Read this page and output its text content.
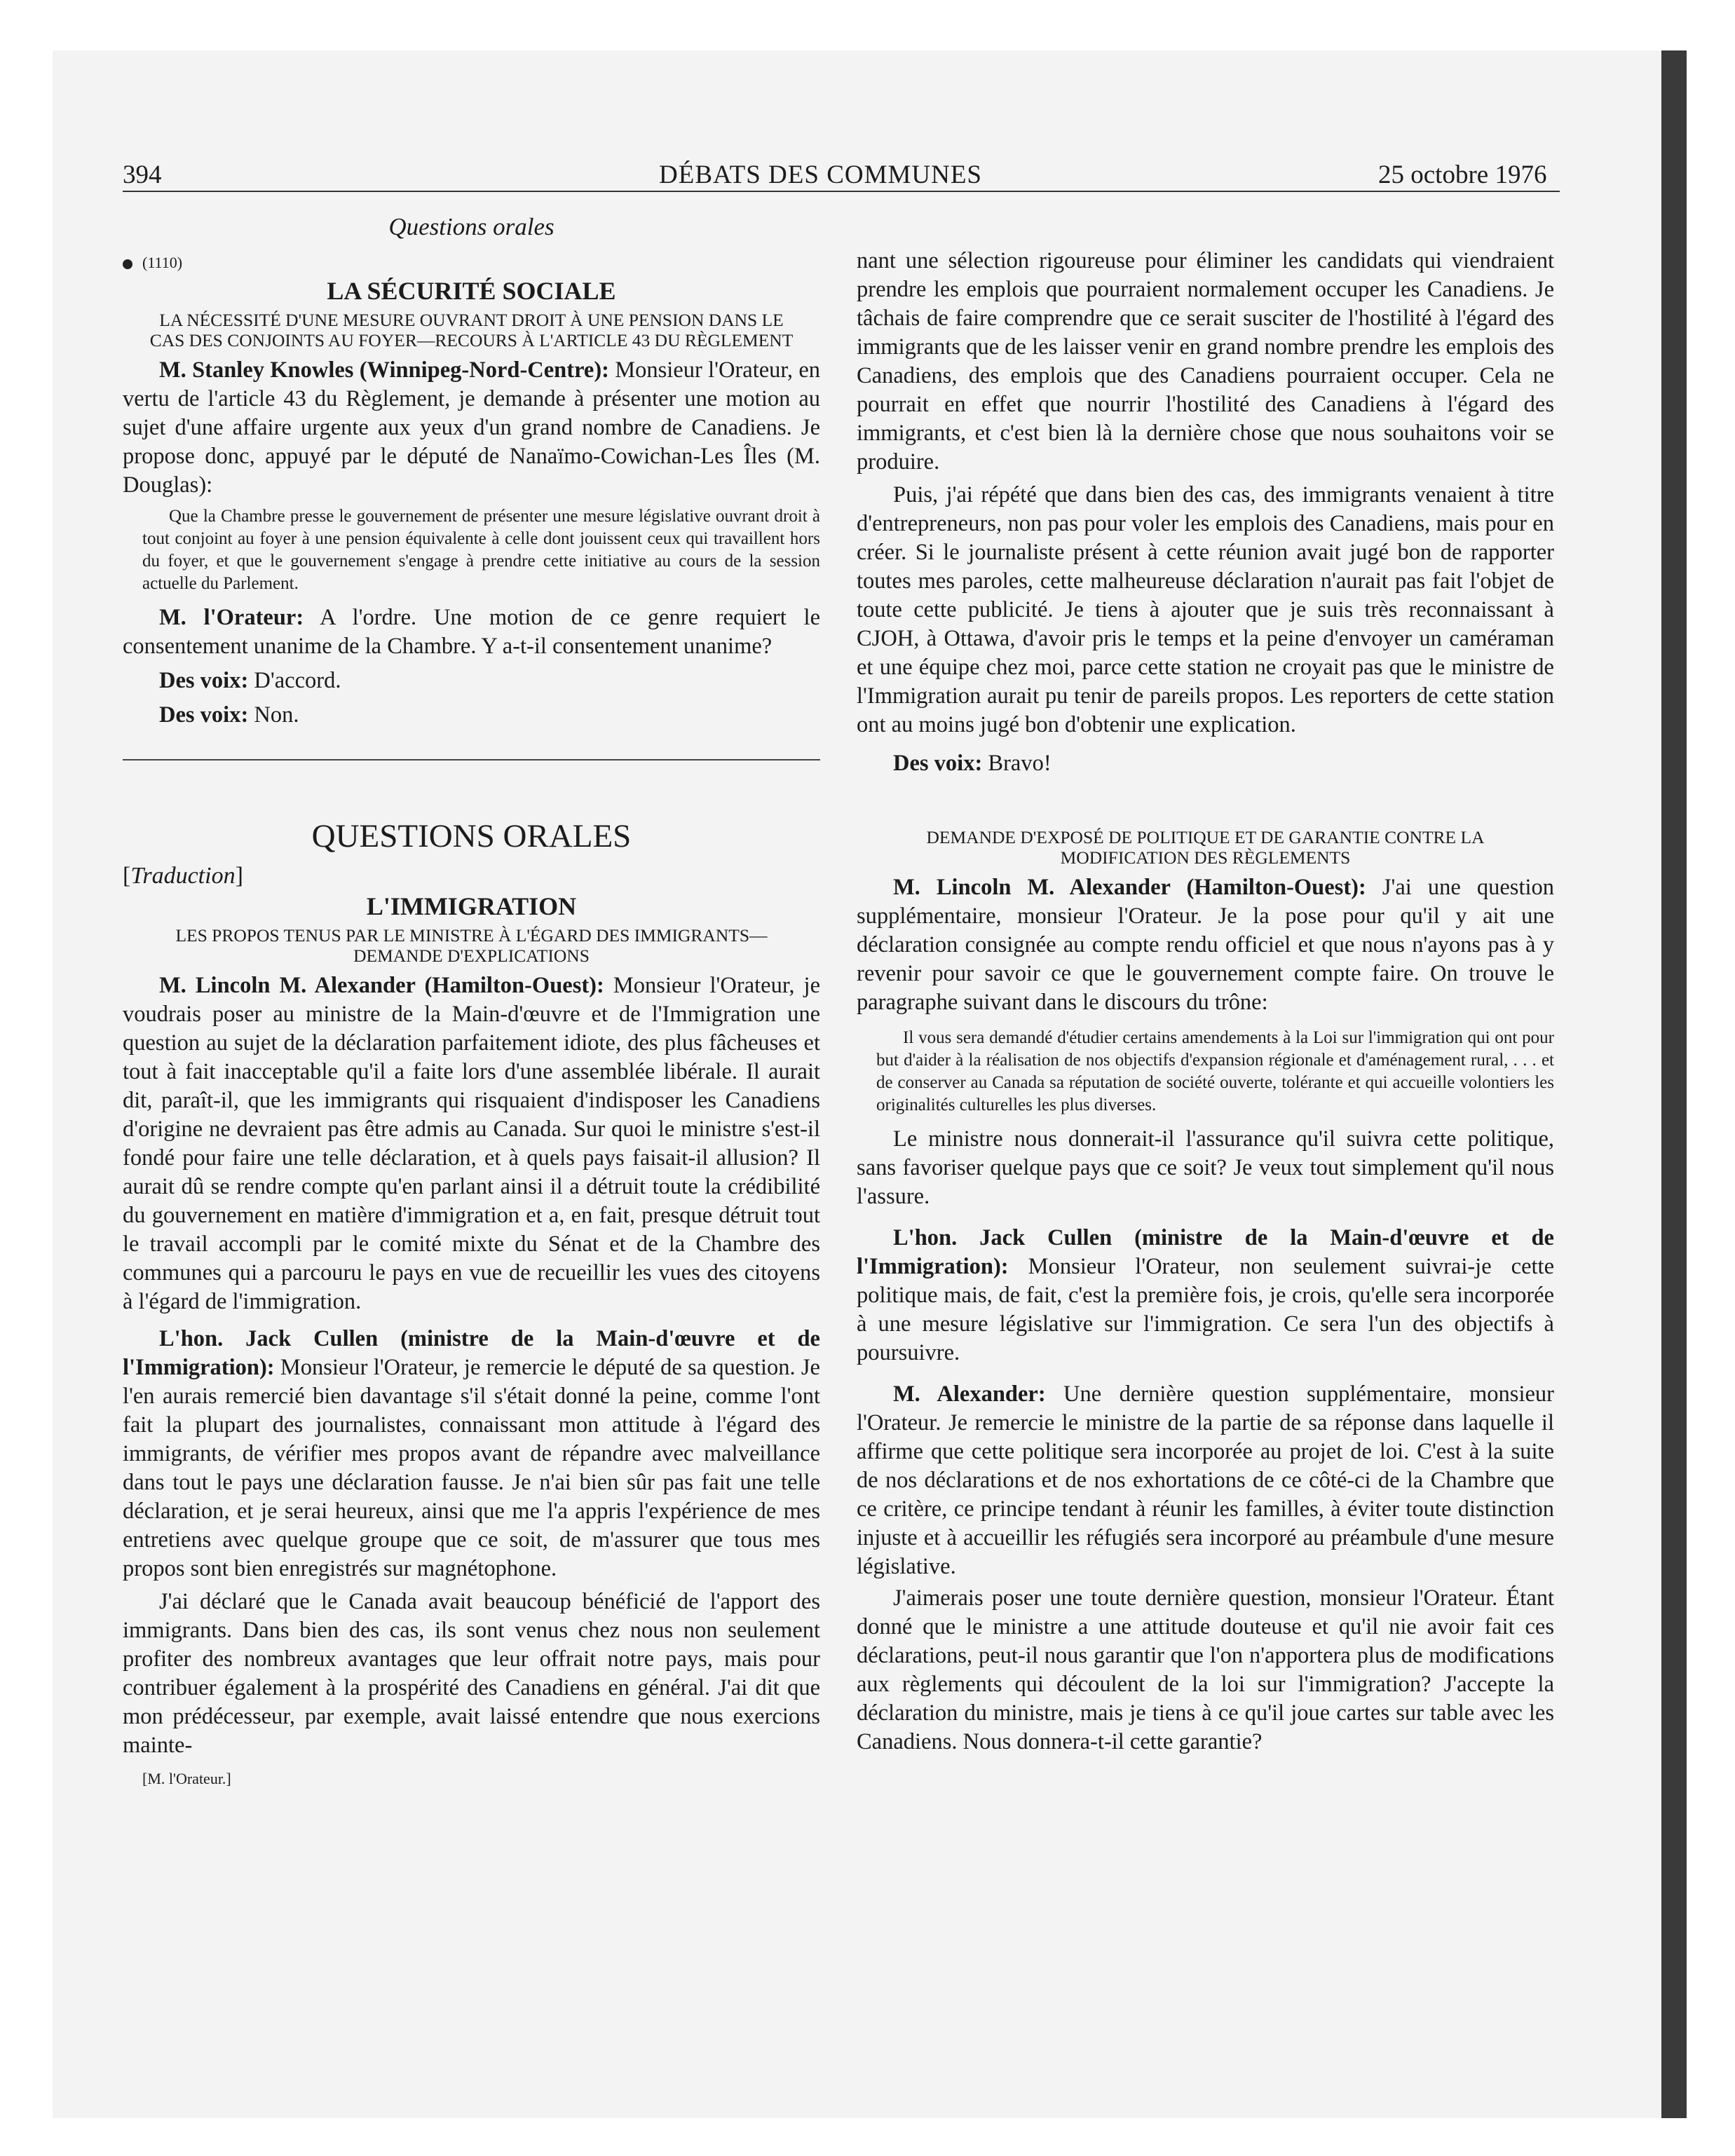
394	DÉBATS DES COMMUNES	25 octobre 1976

Questions orales

(1110)

LA SÉCURITÉ SOCIALE

LA NÉCESSITÉ D'UNE MESURE OUVRANT DROIT À UNE PENSION DANS LE CAS DES CONJOINTS AU FOYER—RECOURS À L'ARTICLE 43 DU RÈGLEMENT

M. Stanley Knowles (Winnipeg-Nord-Centre): Monsieur l'Orateur, en vertu de l'article 43 du Règlement, je demande à présenter une motion au sujet d'une affaire urgente aux yeux d'un grand nombre de Canadiens. Je propose donc, appuyé par le député de Nanaïmo-Cowichan-Les Îles (M. Douglas):

Que la Chambre presse le gouvernement de présenter une mesure législative ouvrant droit à tout conjoint au foyer à une pension équivalente à celle dont jouissent ceux qui travaillent hors du foyer, et que le gouvernement s'engage à prendre cette initiative au cours de la session actuelle du Parlement.

M. l'Orateur: A l'ordre. Une motion de ce genre requiert le consentement unanime de la Chambre. Y a-t-il consentement unanime?

Des voix: D'accord.

Des voix: Non.

QUESTIONS ORALES

[Traduction]

L'IMMIGRATION

LES PROPOS TENUS PAR LE MINISTRE À L'ÉGARD DES IMMIGRANTS—DEMANDE D'EXPLICATIONS

M. Lincoln M. Alexander (Hamilton-Ouest): Monsieur l'Orateur, je voudrais poser au ministre de la Main-d'œuvre et de l'Immigration une question au sujet de la déclaration parfaitement idiote, des plus fâcheuses et tout à fait inacceptable qu'il a faite lors d'une assemblée libérale. Il aurait dit, paraît-il, que les immigrants qui risquaient d'indisposer les Canadiens d'origine ne devraient pas être admis au Canada. Sur quoi le ministre s'est-il fondé pour faire une telle déclaration, et à quels pays faisait-il allusion? Il aurait dû se rendre compte qu'en parlant ainsi il a détruit toute la crédibilité du gouvernement en matière d'immigration et a, en fait, presque détruit tout le travail accompli par le comité mixte du Sénat et de la Chambre des communes qui a parcouru le pays en vue de recueillir les vues des citoyens à l'égard de l'immigration.

L'hon. Jack Cullen (ministre de la Main-d'œuvre et de l'Immigration): Monsieur l'Orateur, je remercie le député de sa question. Je l'en aurais remercié bien davantage s'il s'était donné la peine, comme l'ont fait la plupart des journalistes, connaissant mon attitude à l'égard des immigrants, de vérifier mes propos avant de répandre avec malveillance dans tout le pays une déclaration fausse. Je n'ai bien sûr pas fait une telle déclaration, et je serai heureux, ainsi que me l'a appris l'expérience de mes entretiens avec quelque groupe que ce soit, de m'assurer que tous mes propos sont bien enregistrés sur magnétophone.

J'ai déclaré que le Canada avait beaucoup bénéficié de l'apport des immigrants. Dans bien des cas, ils sont venus chez nous non seulement profiter des nombreux avantages que leur offrait notre pays, mais pour contribuer également à la prospérité des Canadiens en général. J'ai dit que mon prédécesseur, par exemple, avait laissé entendre que nous exercions mainte-

[M. l'Orateur.]

nant une sélection rigoureuse pour éliminer les candidats qui viendraient prendre les emplois que pourraient normalement occuper les Canadiens. Je tâchais de faire comprendre que ce serait susciter de l'hostilité à l'égard des immigrants que de les laisser venir en grand nombre prendre les emplois des Canadiens, des emplois que des Canadiens pourraient occuper. Cela ne pourrait en effet que nourrir l'hostilité des Canadiens à l'égard des immigrants, et c'est bien là la dernière chose que nous souhaitons voir se produire.

Puis, j'ai répété que dans bien des cas, des immigrants venaient à titre d'entrepreneurs, non pas pour voler les emplois des Canadiens, mais pour en créer. Si le journaliste présent à cette réunion avait jugé bon de rapporter toutes mes paroles, cette malheureuse déclaration n'aurait pas fait l'objet de toute cette publicité. Je tiens à ajouter que je suis très reconnaissant à CJOH, à Ottawa, d'avoir pris le temps et la peine d'envoyer un caméraman et une équipe chez moi, parce cette station ne croyait pas que le ministre de l'Immigration aurait pu tenir de pareils propos. Les reporters de cette station ont au moins jugé bon d'obtenir une explication.

Des voix: Bravo!

DEMANDE D'EXPOSÉ DE POLITIQUE ET DE GARANTIE CONTRE LA MODIFICATION DES RÈGLEMENTS

M. Lincoln M. Alexander (Hamilton-Ouest): J'ai une question supplémentaire, monsieur l'Orateur. Je la pose pour qu'il y ait une déclaration consignée au compte rendu officiel et que nous n'ayons pas à y revenir pour savoir ce que le gouvernement compte faire. On trouve le paragraphe suivant dans le discours du trône:

Il vous sera demandé d'étudier certains amendements à la Loi sur l'immigration qui ont pour but d'aider à la réalisation de nos objectifs d'expansion régionale et d'aménagement rural, . . . et de conserver au Canada sa réputation de société ouverte, tolérante et qui accueille volontiers les originalités culturelles les plus diverses.

Le ministre nous donnerait-il l'assurance qu'il suivra cette politique, sans favoriser quelque pays que ce soit? Je veux tout simplement qu'il nous l'assure.

L'hon. Jack Cullen (ministre de la Main-d'œuvre et de l'Immigration): Monsieur l'Orateur, non seulement suivrai-je cette politique mais, de fait, c'est la première fois, je crois, qu'elle sera incorporée à une mesure législative sur l'immigration. Ce sera l'un des objectifs à poursuivre.

M. Alexander: Une dernière question supplémentaire, monsieur l'Orateur. Je remercie le ministre de la partie de sa réponse dans laquelle il affirme que cette politique sera incorporée au projet de loi. C'est à la suite de nos déclarations et de nos exhortations de ce côté-ci de la Chambre que ce critère, ce principe tendant à réunir les familles, à éviter toute distinction injuste et à accueillir les réfugiés sera incorporé au préambule d'une mesure législative.

J'aimerais poser une toute dernière question, monsieur l'Orateur. Étant donné que le ministre a une attitude douteuse et qu'il nie avoir fait ces déclarations, peut-il nous garantir que l'on n'apportera plus de modifications aux règlements qui découlent de la loi sur l'immigration? J'accepte la déclaration du ministre, mais je tiens à ce qu'il joue cartes sur table avec les Canadiens. Nous donnera-t-il cette garantie?
